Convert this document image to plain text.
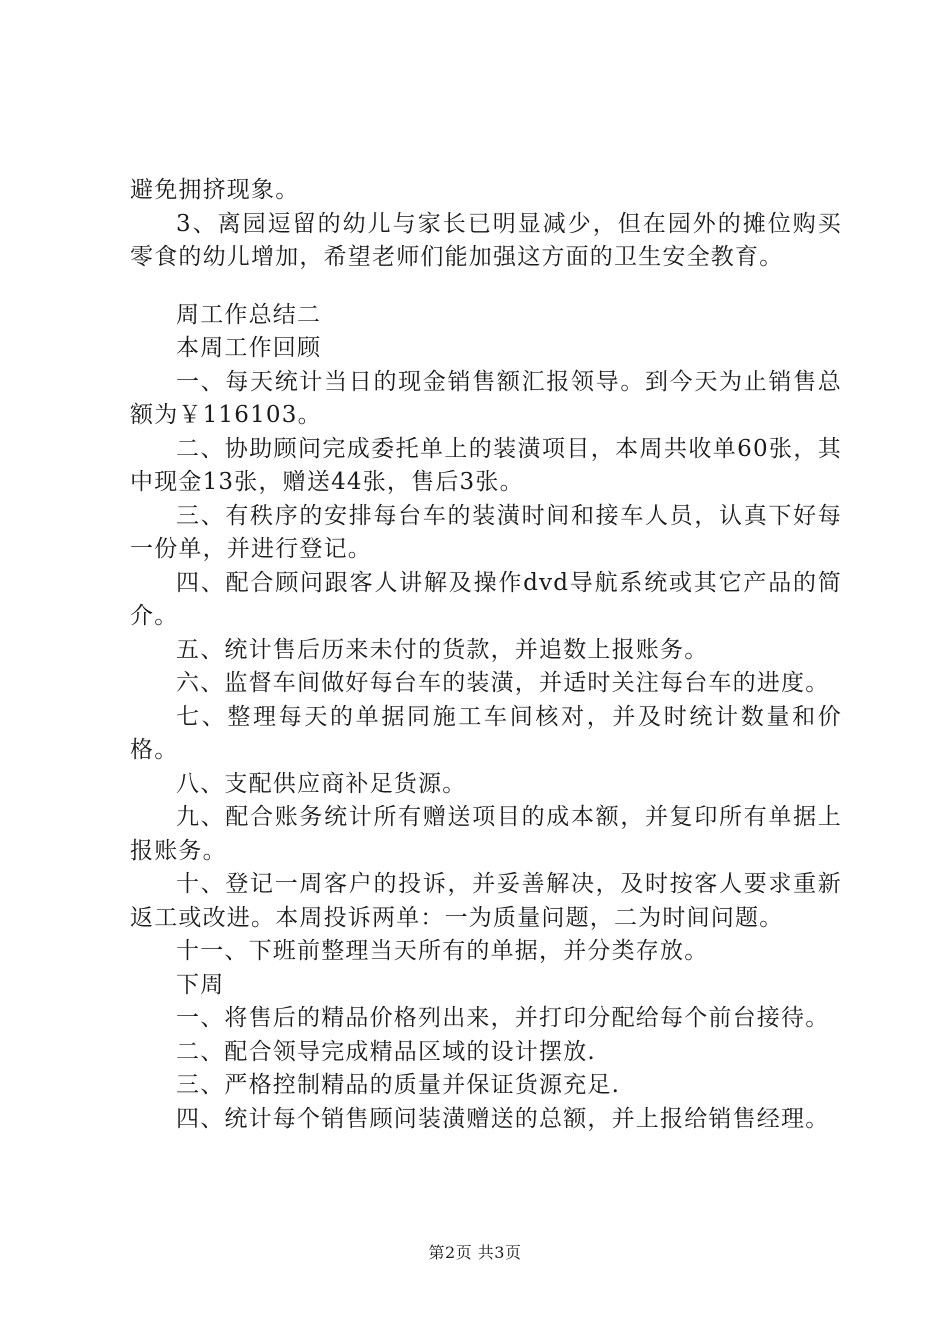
避免拥挤现象。

3、离园逗留的幼儿与家长已明显减少，但在园外的摊位购买零食的幼儿增加，希望老师们能加强这方面的卫生安全教育。

周工作总结二

本周工作回顾

一、每天统计当日的现金销售额汇报领导。到今天为止销售总额为￥116103。

二、协助顾问完成委托单上的装潢项目，本周共收单60张，其中现金13张，赠送44张，售后3张。

三、有秩序的安排每台车的装潢时间和接车人员，认真下好每一份单，并进行登记。

四、配合顾问跟客人讲解及操作dvd导航系统或其它产品的简介。

五、统计售后历来未付的货款，并追数上报账务。

六、监督车间做好每台车的装潢，并适时关注每台车的进度。

七、整理每天的单据同施工车间核对，并及时统计数量和价格。

八、支配供应商补足货源。

九、配合账务统计所有赠送项目的成本额，并复印所有单据上报账务。

十、登记一周客户的投诉，并妥善解决，及时按客人要求重新返工或改进。本周投诉两单：一为质量问题，二为时间问题。

十一、下班前整理当天所有的单据，并分类存放。

下周

一、将售后的精品价格列出来，并打印分配给每个前台接待。

二、配合领导完成精品区域的设计摆放.

三、严格控制精品的质量并保证货源充足.

四、统计每个销售顾问装潢赠送的总额，并上报给销售经理。

第2页 共3页
